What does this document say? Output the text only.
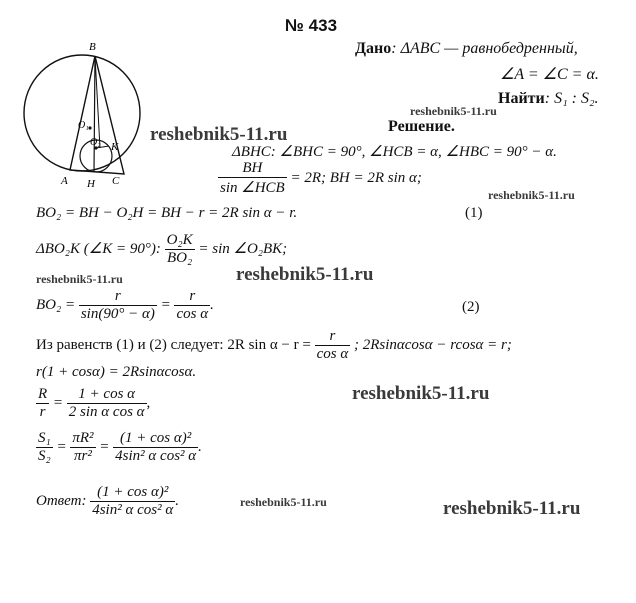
№ 433
B
O₁
O₂ K
A H C
Дано: ΔABC — равнобедренный,
∠A = ∠C = α.
Найти: S₁ : S₂.
Решение.
ΔBHC: ∠BHC = 90°, ∠HCB = α, ∠HBC = 90° − α.
$\frac{BH}{\text{sin ∠HCB}} = 2R$; BH = 2R sin α;
BO₂ = BH − O₂H = BH − r = 2R sin α − r.	(1)
ΔBO₂K (∠K = 90°): $\frac{\text{O₂K}}{\text{BO₂}} = \sin$ ∠O₂BK;
$BO_2 = \frac{r}{\sin(90^\circ - \alpha)} = \frac{r}{\text{cos α}}$ .	(2)
Из равенств (1) и (2) следует: 2R $\sin \alpha - r = \frac{r}{\text{cos α}}$ ; 2Rsinαcosα − rcosα = r;
r(1 + cosα) = 2Rsinαcosα.
$\frac{R}{r} = \frac{\text{1 + cos α}}{\text{2 sin α cos α}}$ ,
$\frac{\text{S₁}}{\text{S₂}} = \frac{\text{πR²}}{\text{πr²}} = \frac{\text{(1 + cos α)²}}{\text{4sin² α cos² α}}$ .
Ответ: $\frac{\text{(1 + cos α)²}}{\text{4sin² α cos² α}}$ .
reshebnik5-11.ru
reshebnik5-11.ru
reshebnik5-11.ru
reshebnik5-11.ru	reshebnik5-11.ru
reshebnik5-11.ru
reshebnik5-11.ru	reshebnik5-11.ru
